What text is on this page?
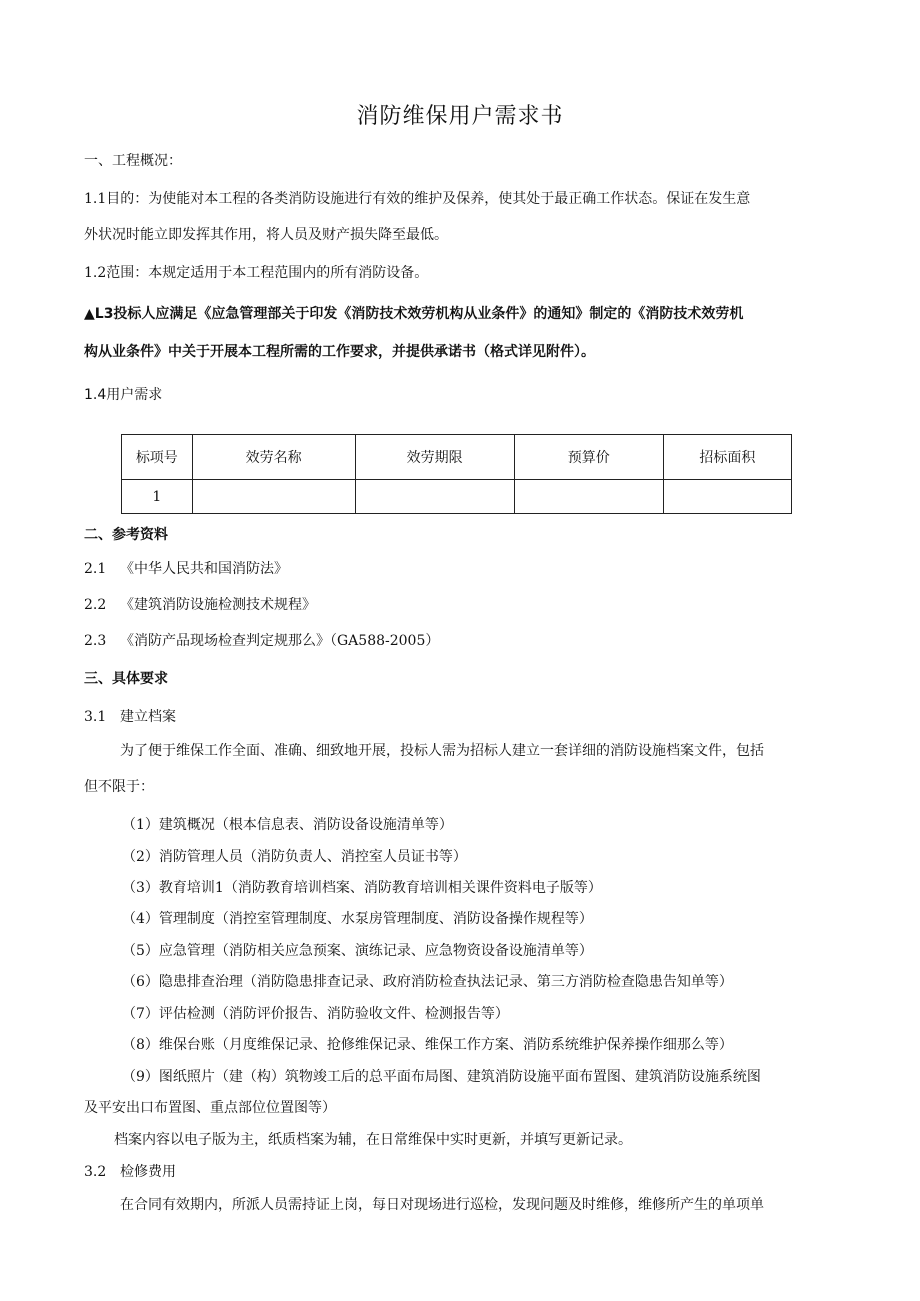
消防维保用户需求书
一、工程概况：
1.1目的：为使能对本工程的各类消防设施进行有效的维护及保养，使其处于最正确工作状态。保证在发生意
外状况时能立即发挥其作用，将人员及财产损失降至最低。
1.2范围：本规定适用于本工程范围内的所有消防设备。
▲L3投标人应满足《应急管理部关于印发《消防技术效劳机构从业条件》的通知》制定的《消防技术效劳机
构从业条件》中关于开展本工程所需的工作要求，并提供承诺书（格式详见附件）。
1.4用户需求
标项号	效劳名称	效劳期限	预算价	招标面积
1				
二、参考资料
2.1 《中华人民共和国消防法》
2.2 《建筑消防设施检测技术规程》
2.3 《消防产品现场检查判定规那么》（GA588-2005）
三、具体要求
3.1 建立档案
为了便于维保工作全面、准确、细致地开展，投标人需为招标人建立一套详细的消防设施档案文件，包括
但不限于：
（1）建筑概况（根本信息表、消防设备设施清单等）
（2）消防管理人员（消防负责人、消控室人员证书等）
（3）教育培训1（消防教育培训档案、消防教育培训相关课件资料电子版等）
（4）管理制度（消控室管理制度、水泵房管理制度、消防设备操作规程等）
（5）应急管理（消防相关应急预案、演练记录、应急物资设备设施清单等）
（6）隐患排查治理（消防隐患排查记录、政府消防检查执法记录、第三方消防检查隐患告知单等）
（7）评估检测（消防评价报告、消防验收文件、检测报告等）
（8）维保台账（月度维保记录、抢修维保记录、维保工作方案、消防系统维护保养操作细那么等）
（9）图纸照片（建（构）筑物竣工后的总平面布局图、建筑消防设施平面布置图、建筑消防设施系统图
及平安出口布置图、重点部位位置图等）
档案内容以电子版为主，纸质档案为辅，在日常维保中实时更新，并填写更新记录。
3.2 检修费用
在合同有效期内，所派人员需持证上岗，每日对现场进行巡检，发现问题及时维修，维修所产生的单项单
